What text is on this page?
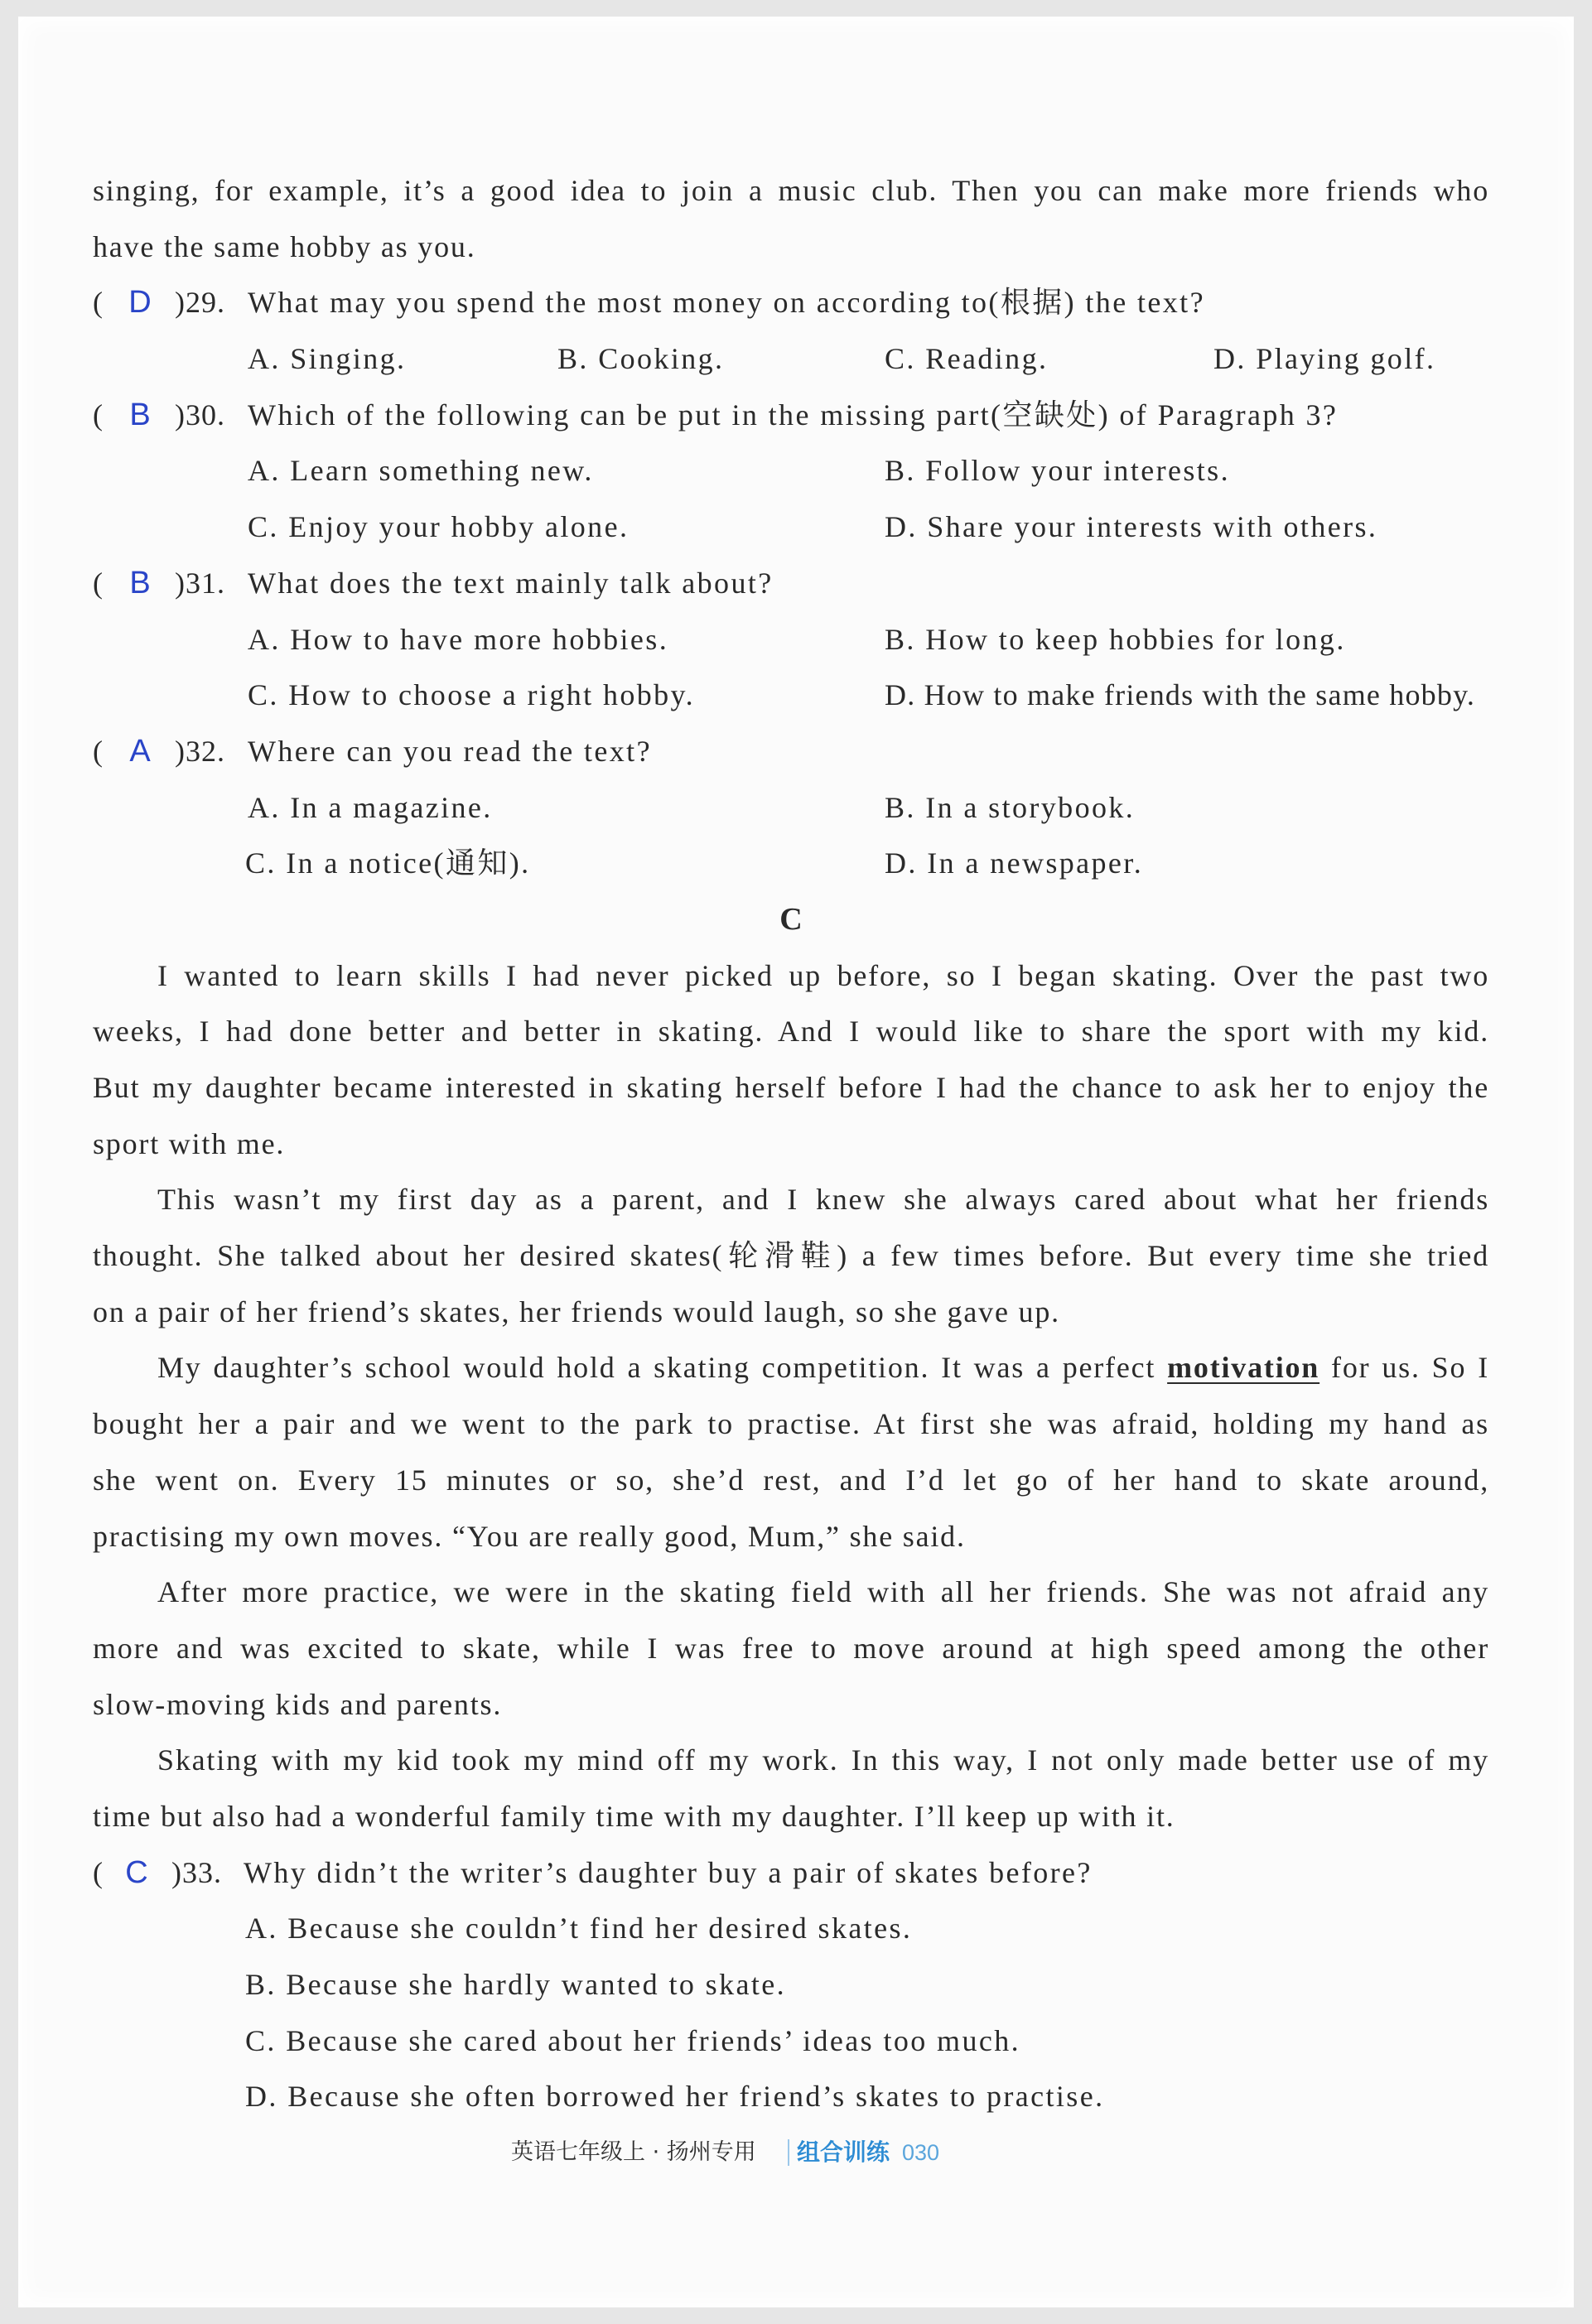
singing, for example, it’s a good idea to join a music club. Then you can make more friends who
have the same hobby as you.
( D )29. What may you spend the most money on according to(根据) the text?
A. Singing.	B. Cooking.	C. Reading.	D. Playing golf.
( B )30. Which of the following can be put in the missing part(空缺处) of Paragraph 3?
A. Learn something new.	B. Follow your interests.
C. Enjoy your hobby alone.	D. Share your interests with others.
( B )31. What does the text mainly talk about?
A. How to have more hobbies.	B. How to keep hobbies for long.
C. How to choose a right hobby.	D. How to make friends with the same hobby.
( A )32. Where can you read the text?
A. In a magazine.	B. In a storybook.
C. In a notice(通知).	D. In a newspaper.
C
I wanted to learn skills I had never picked up before, so I began skating. Over the past two
weeks, I had done better and better in skating. And I would like to share the sport with my kid.
But my daughter became interested in skating herself before I had the chance to ask her to enjoy the
sport with me.
This wasn’t my first day as a parent, and I knew she always cared about what her friends
thought. She talked about her desired skates(轮滑鞋) a few times before. But every time she tried
on a pair of her friend’s skates, her friends would laugh, so she gave up.
My daughter’s school would hold a skating competition. It was a perfect motivation for us. So I
bought her a pair and we went to the park to practise. At first she was afraid, holding my hand as
she went on. Every 15 minutes or so, she’d rest, and I’d let go of her hand to skate around,
practising my own moves. “You are really good, Mum,” she said.
After more practice, we were in the skating field with all her friends. She was not afraid any
more and was excited to skate, while I was free to move around at high speed among the other
slow-moving kids and parents.
Skating with my kid took my mind off my work. In this way, I not only made better use of my
time but also had a wonderful family time with my daughter. I’ll keep up with it.
( C )33. Why didn’t the writer’s daughter buy a pair of skates before?
A. Because she couldn’t find her desired skates.
B. Because she hardly wanted to skate.
C. Because she cared about her friends’ ideas too much.
D. Because she often borrowed her friend’s skates to practise.
英语七年级上 · 扬州专用 组合训练 030
